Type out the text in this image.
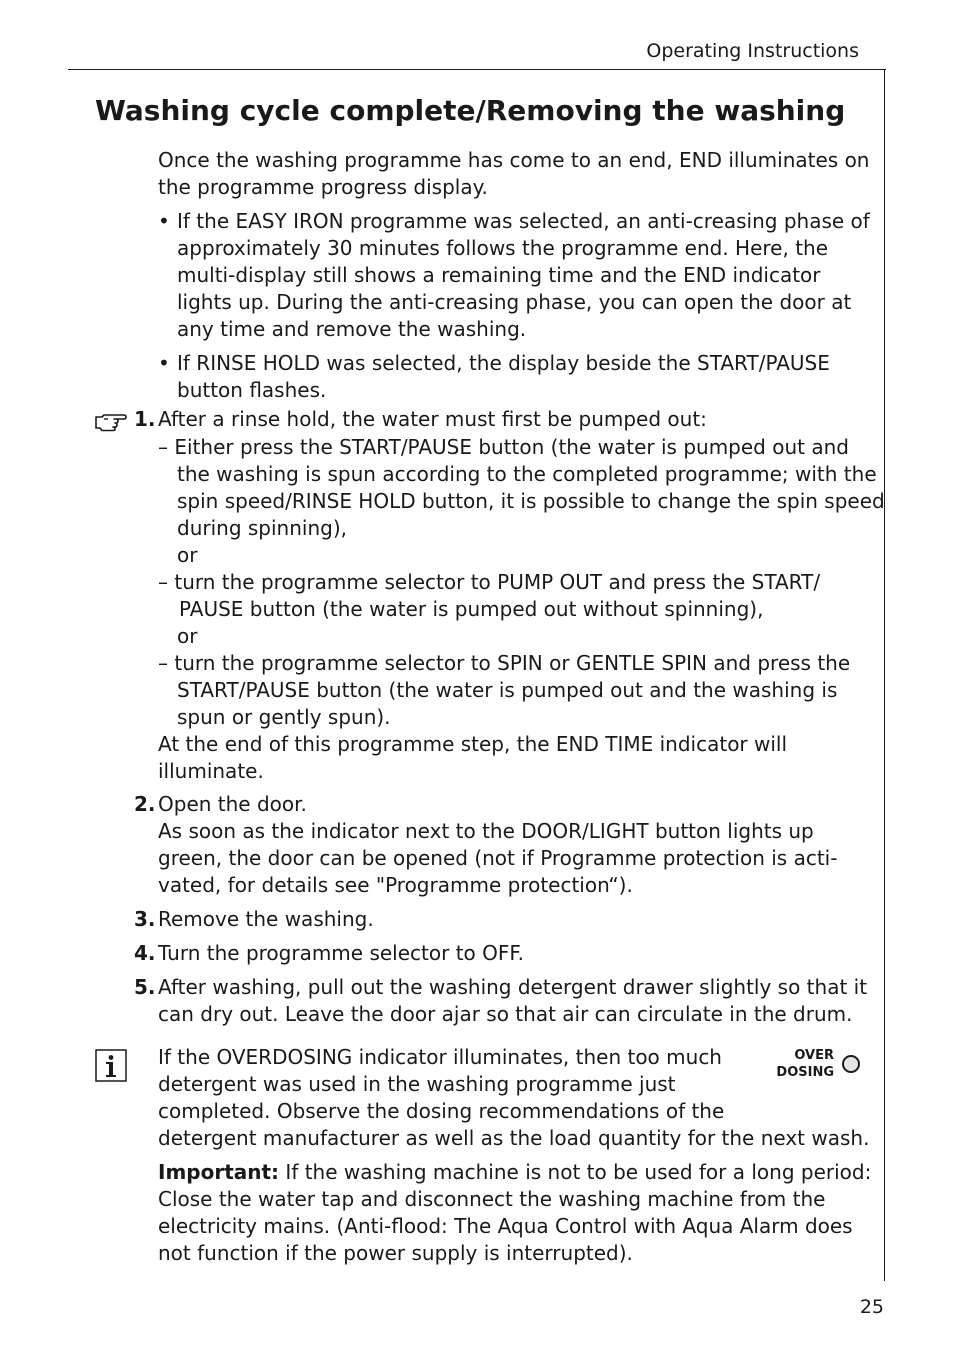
Operating Instructions
Washing cycle complete/Removing the washing
Once the washing programme has come to an end, END illuminates on
the programme progress display.
• If the EASY IRON programme was selected, an anti-creasing phase of
approximately 30 minutes follows the programme end. Here, the
multi-display still shows a remaining time and the END indicator
lights up. During the anti-creasing phase, you can open the door at
any time and remove the washing.
• If RINSE HOLD was selected, the display beside the START/PAUSE
button flashes.
1. After a rinse hold, the water must first be pumped out:
– Either press the START/PAUSE button (the water is pumped out and
the washing is spun according to the completed programme; with the
spin speed/RINSE HOLD button, it is possible to change the spin speed
during spinning),
or
– turn the programme selector to PUMP OUT and press the START/
PAUSE button (the water is pumped out without spinning),
or
– turn the programme selector to SPIN or GENTLE SPIN and press the
START/PAUSE button (the water is pumped out and the washing is
spun or gently spun).
At the end of this programme step, the END TIME indicator will
illuminate.
2. Open the door.
As soon as the indicator next to the DOOR/LIGHT button lights up
green, the door can be opened (not if Programme protection is acti-
vated, for details see "Programme protection“).
3. Remove the washing.
4. Turn the programme selector to OFF.
5. After washing, pull out the washing detergent drawer slightly so that it
can dry out. Leave the door ajar so that air can circulate in the drum.
If the OVERDOSING indicator illuminates, then too much
detergent was used in the washing programme just
completed. Observe the dosing recommendations of the
detergent manufacturer as well as the load quantity for the next wash.
OVER
DOSING
Important: If the washing machine is not to be used for a long period:
Close the water tap and disconnect the washing machine from the
electricity mains. (Anti-flood: The Aqua Control with Aqua Alarm does
not function if the power supply is interrupted).
25
